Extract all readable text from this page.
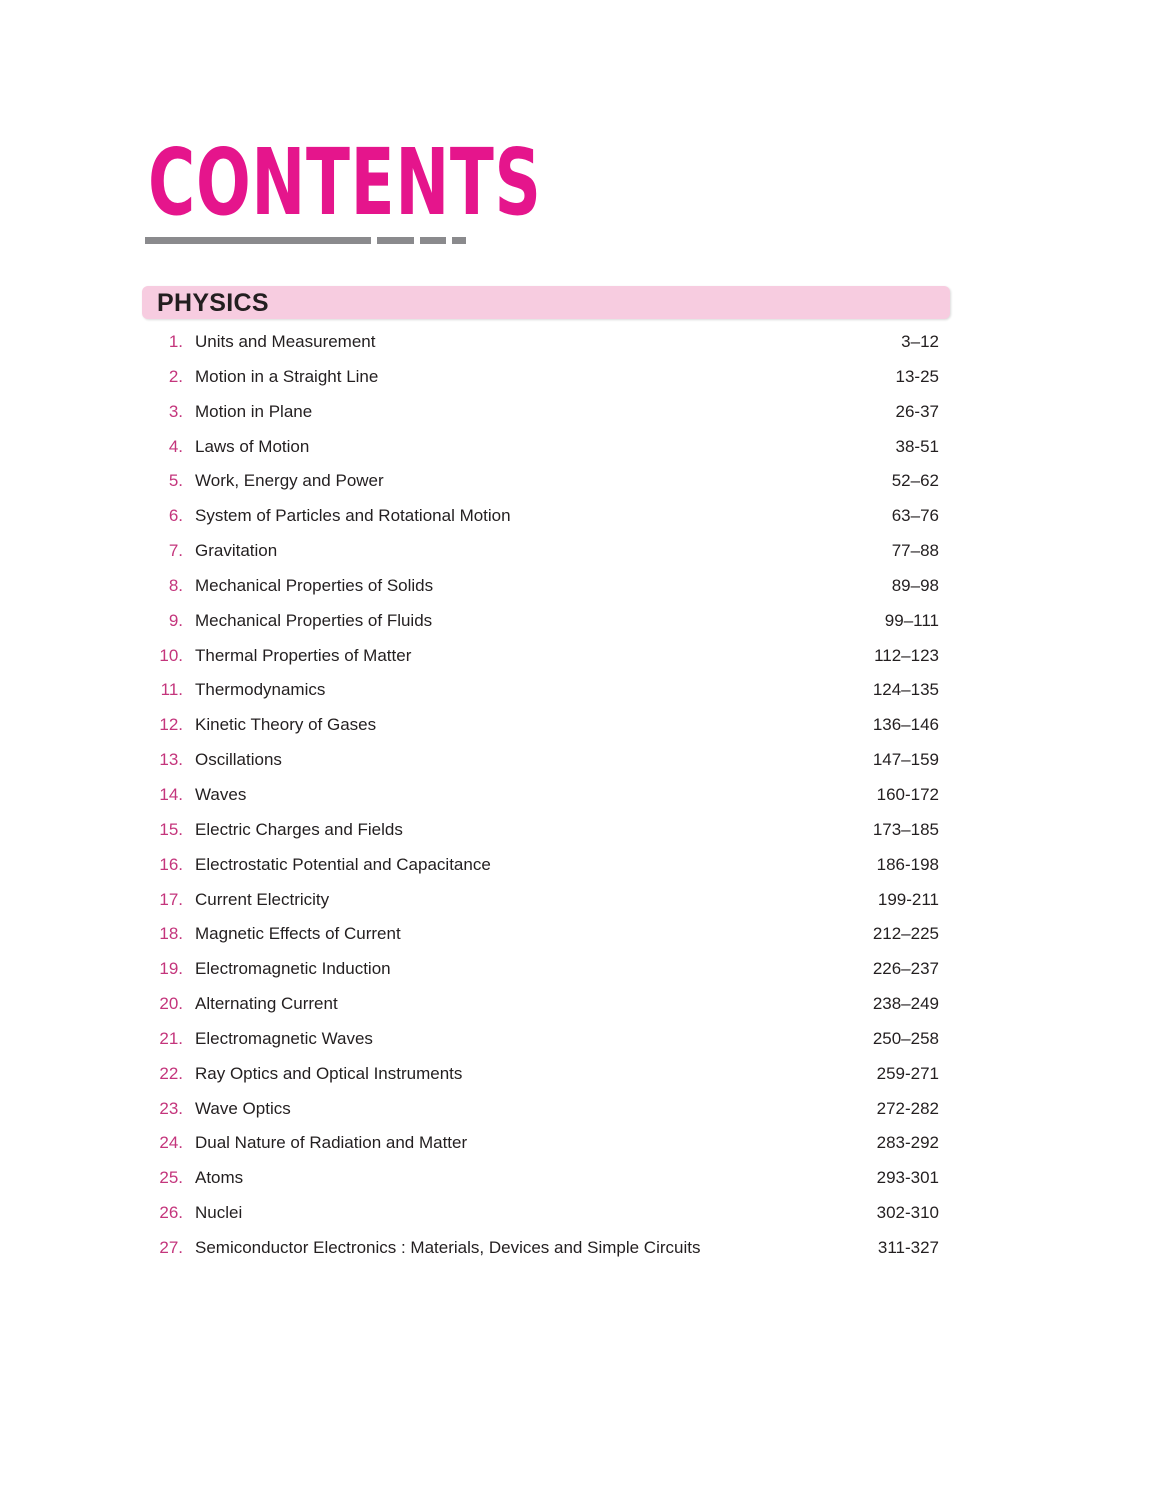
CONTENTS
PHYSICS
1. Units and Measurement	3–12
2. Motion in a Straight Line	13-25
3. Motion in Plane	26-37
4. Laws of Motion	38-51
5. Work, Energy and Power	52–62
6. System of Particles and Rotational Motion	63–76
7. Gravitation	77–88
8. Mechanical Properties of Solids	89–98
9. Mechanical Properties of Fluids	99–111
10. Thermal Properties of Matter	112–123
11. Thermodynamics	124–135
12. Kinetic Theory of Gases	136–146
13. Oscillations	147–159
14. Waves	160-172
15. Electric Charges and Fields	173–185
16. Electrostatic Potential and Capacitance	186-198
17. Current Electricity	199-211
18. Magnetic Effects of Current	212–225
19. Electromagnetic Induction	226–237
20. Alternating Current	238–249
21. Electromagnetic Waves	250–258
22. Ray Optics and Optical Instruments	259-271
23. Wave Optics	272-282
24. Dual Nature of Radiation and Matter	283-292
25. Atoms	293-301
26. Nuclei	302-310
27. Semiconductor Electronics : Materials, Devices and Simple Circuits	311-327
